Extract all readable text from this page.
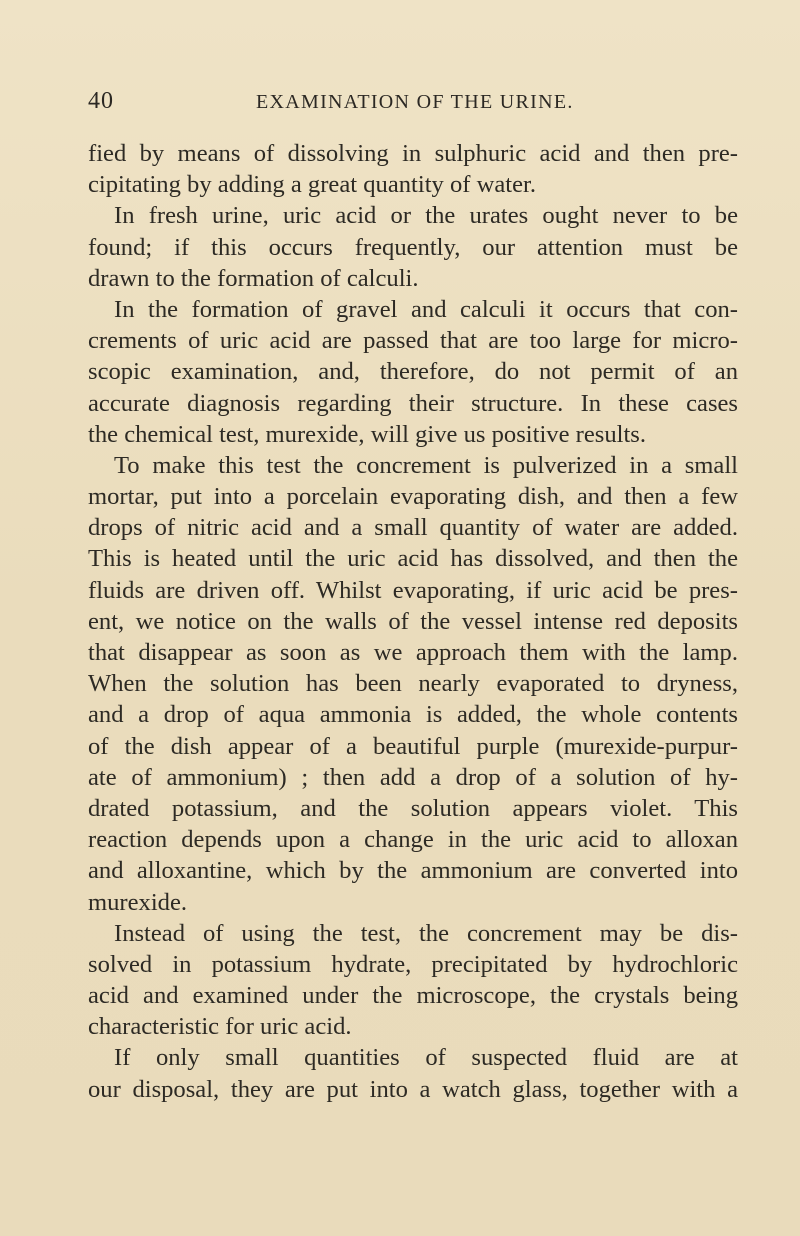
40	EXAMINATION OF THE URINE.
fied by means of dissolving in sulphuric acid and then pre-
cipitating by adding a great quantity of water.
In fresh urine, uric acid or the urates ought never to be
found; if this occurs frequently, our attention must be
drawn to the formation of calculi.
In the formation of gravel and calculi it occurs that con-
crements of uric acid are passed that are too large for micro-
scopic examination, and, therefore, do not permit of an
accurate diagnosis regarding their structure. In these cases
the chemical test, murexide, will give us positive results.
To make this test the concrement is pulverized in a small
mortar, put into a porcelain evaporating dish, and then a few
drops of nitric acid and a small quantity of water are added.
This is heated until the uric acid has dissolved, and then the
fluids are driven off. Whilst evaporating, if uric acid be pres-
ent, we notice on the walls of the vessel intense red deposits
that disappear as soon as we approach them with the lamp.
When the solution has been nearly evaporated to dryness,
and a drop of aqua ammonia is added, the whole contents
of the dish appear of a beautiful purple (murexide-purpur-
ate of ammonium) ; then add a drop of a solution of hy-
drated potassium, and the solution appears violet. This
reaction depends upon a change in the uric acid to alloxan
and alloxantine, which by the ammonium are converted into
murexide.
Instead of using the test, the concrement may be dis-
solved in potassium hydrate, precipitated by hydrochloric
acid and examined under the microscope, the crystals being
characteristic for uric acid.
If only small quantities of suspected fluid are at
our disposal, they are put into a watch glass, together with a
